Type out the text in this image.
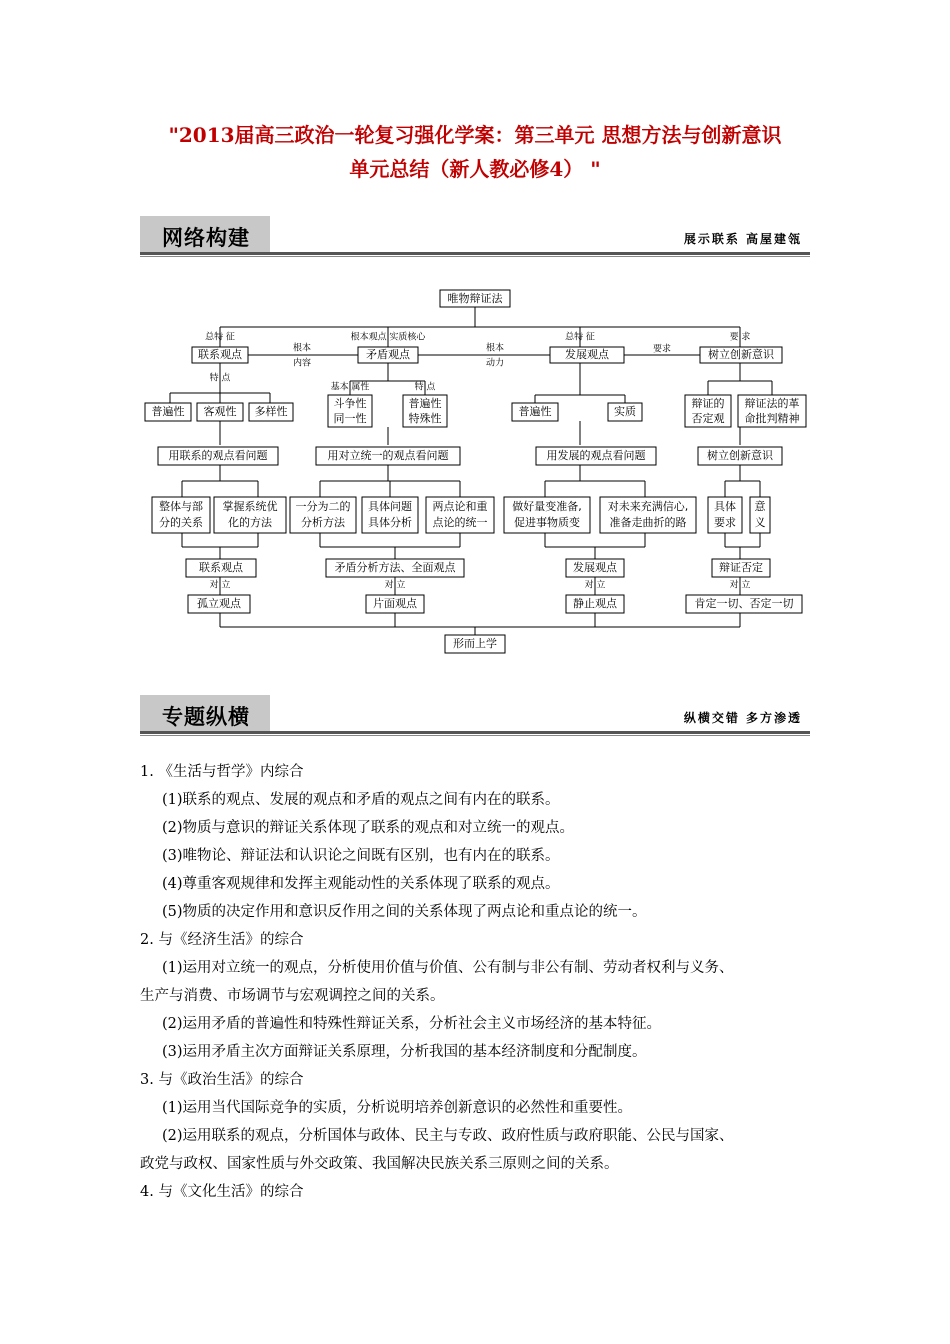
"2013届高三政治一轮复习强化学案：第三单元 思想方法与创新意识
单元总结（新人教必修4） "
网络构建	展示联系 高屋建瓴
总特 征	根本观点 实质核心	总特 征	要 求
根本
内容
根本
动力
要求
特 点
基本 属性	特 点
对 立	对 立	对 立	对 立
唯物辩证法
联系观点	矛盾观点	发展观点	树立创新意识
普遍性 客观性 多样性
斗争性
同一性
普遍性
特殊性
普遍性	实质
辩证的
否定观
辩证法的革
命批判精神
用联系的观点看问题	用对立统一的观点看问题	用发展的观点看问题	树立创新意识
整体与部
分的关系
掌握系统优
化的方法
一分为二的
分析方法
具体问题
具体分析
两点论和重
点论的统一
做好量变准备,
促进事物质变
对未来充满信心,
准备走曲折的路
具体
要求
意
义
联系观点	矛盾分析方法、全面观点	发展观点	辩证否定
孤立观点	片面观点	静止观点	肯定一切、否定一切
形而上学
专题纵横	纵横交错 多方渗透
1. 《生活与哲学》内综合
(1)联系的观点、发展的观点和矛盾的观点之间有内在的联系。
(2)物质与意识的辩证关系体现了联系的观点和对立统一的观点。
(3)唯物论、辩证法和认识论之间既有区别，也有内在的联系。
(4)尊重客观规律和发挥主观能动性的关系体现了联系的观点。
(5)物质的决定作用和意识反作用之间的关系体现了两点论和重点论的统一。
2. 与《经济生活》的综合
(1)运用对立统一的观点，分析使用价值与价值、公有制与非公有制、劳动者权利与义务、
生产与消费、市场调节与宏观调控之间的关系。
(2)运用矛盾的普遍性和特殊性辩证关系，分析社会主义市场经济的基本特征。
(3)运用矛盾主次方面辩证关系原理，分析我国的基本经济制度和分配制度。
3. 与《政治生活》的综合
(1)运用当代国际竞争的实质，分析说明培养创新意识的必然性和重要性。
(2)运用联系的观点，分析国体与政体、民主与专政、政府性质与政府职能、公民与国家、
政党与政权、国家性质与外交政策、我国解决民族关系三原则之间的关系。
4. 与《文化生活》的综合
